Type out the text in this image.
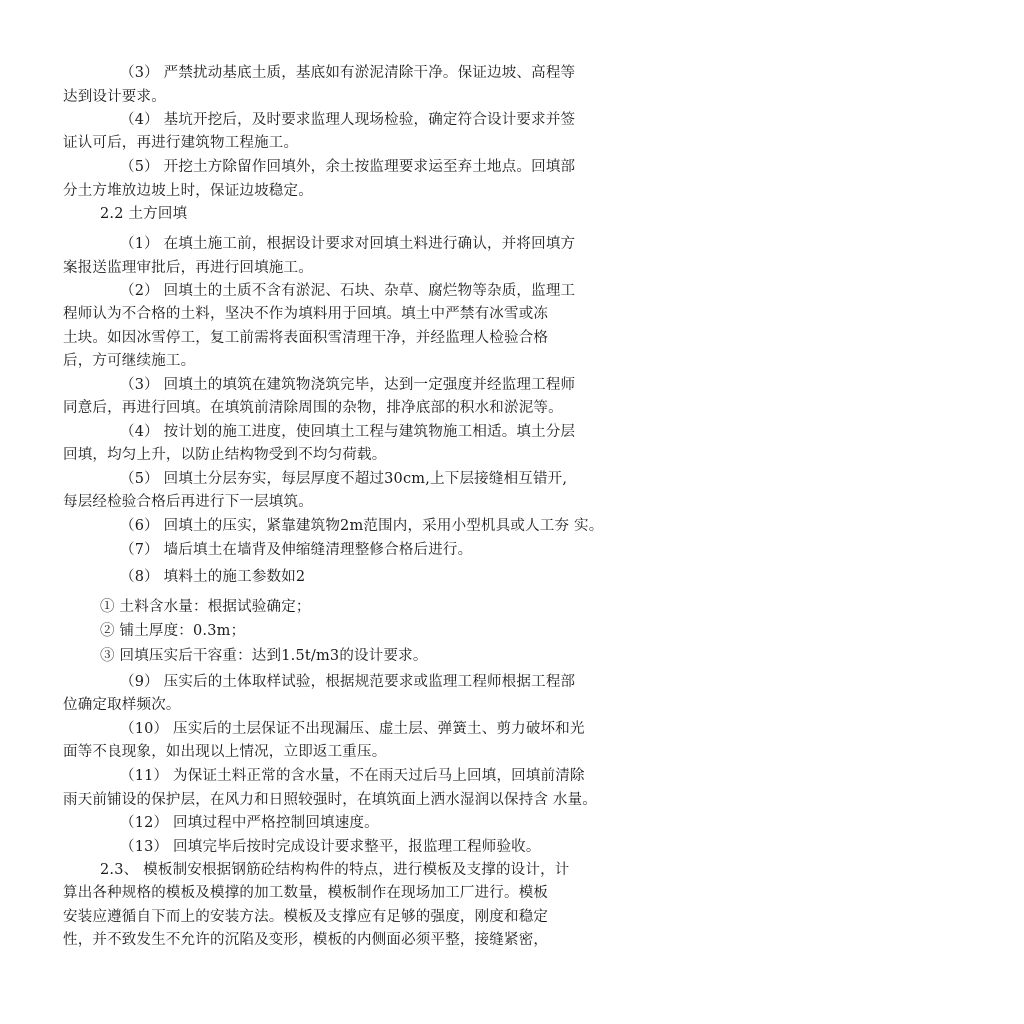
（3） 严禁扰动基底土质，基底如有淤泥清除干净。保证边坡、高程等
达到设计要求。
（4） 基坑开挖后，及时要求监理人现场检验，确定符合设计要求并签
证认可后，再进行建筑物工程施工。
（5） 开挖土方除留作回填外，余土按监理要求运至弃土地点。回填部
分土方堆放边坡上时，保证边坡稳定。
2.2 土方回填
（1） 在填土施工前，根据设计要求对回填土料进行确认，并将回填方
案报送监理审批后，再进行回填施工。
（2） 回填土的土质不含有淤泥、石块、杂草、腐烂物等杂质，监理工
程师认为不合格的土料，坚决不作为填料用于回填。填土中严禁有冰雪或冻
土块。如因冰雪停工，复工前需将表面积雪清理干净，并经监理人检验合格
后，方可继续施工。
（3） 回填土的填筑在建筑物浇筑完毕，达到一定强度并经监理工程师
同意后，再进行回填。在填筑前清除周围的杂物，排净底部的积水和淤泥等。
（4） 按计划的施工进度，使回填土工程与建筑物施工相适。填土分层
回填，均匀上升，以防止结构物受到不均匀荷载。
（5） 回填土分层夯实，每层厚度不超过30cm,上下层接缝相互错开,
每层经检验合格后再进行下一层填筑。
（6） 回填土的压实，紧靠建筑物2m范围内，采用小型机具或人工夯 实。
（7） 墙后填土在墙背及伸缩缝清理整修合格后进行。
（8） 填料土的施工参数如2
① 土料含水量：根据试验确定；
② 铺土厚度：0.3m；
③ 回填压实后干容重：达到1.5t/m3的设计要求。
（9） 压实后的土体取样试验，根据规范要求或监理工程师根据工程部
位确定取样频次。
（10） 压实后的土层保证不出现漏压、虚土层、弹簧土、剪力破坏和光
面等不良现象，如出现以上情况，立即返工重压。
（11） 为保证土料正常的含水量，不在雨天过后马上回填，回填前清除
雨天前铺设的保护层，在风力和日照较强时，在填筑面上洒水湿润以保持含 水量。
（12） 回填过程中严格控制回填速度。
（13） 回填完毕后按时完成设计要求整平，报监理工程师验收。
2.3、 模板制安根据钢筋砼结构构件的特点，进行模板及支撑的设计，计
算出各种规格的模板及模撑的加工数量，模板制作在现场加工厂进行。模板
安装应遵循自下而上的安装方法。模板及支撑应有足够的强度，刚度和稳定
性，并不致发生不允许的沉陷及变形，模板的内侧面必须平整，接缝紧密，
